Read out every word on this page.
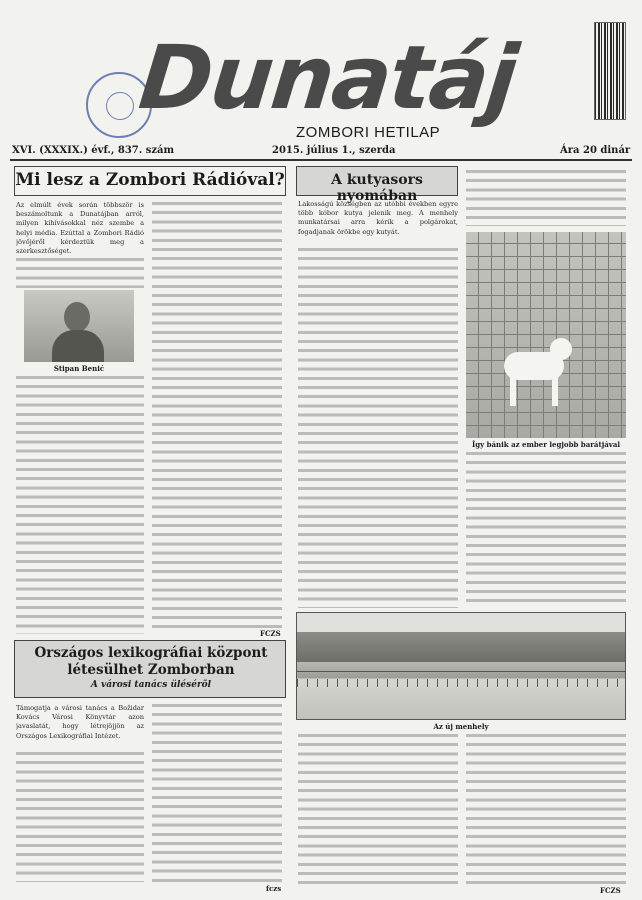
Dunatáj
ZOMBORI HETILAP
XVI. (XXXIX.) évf., 837. szám	2015. július 1., szerda	Ára 20 dinár
Mi lesz a Zombori Rádióval?
Az elmúlt évek során többször is beszámoltunk a Dunatájban arról, milyen kihívásokkal néz szembe a helyi média. Ezúttal a Zombori Rádió jövőjéről kérdeztük meg a szerkesztőséget.
Stipan Benić
FCZS
A kutyasors nyomában
Lakosságú községben az utóbbi években egyre több kóbor kutya jelenik meg. A menhely munkatársai arra kérik a polgárokat, fogadjanak örökbe egy kutyát.
Így bánik az ember legjobb barátjával
Az új menhely
FCZS
Országos lexikográfiai központ létesülhet Zomborban
A városi tanács ülésérõl
Támogatja a városi tanács a Božidar Kovács Városi Könyvtár azon javaslatát, hogy létrejöjjön az Országos Lexikográfiai Intézet.
fczs
